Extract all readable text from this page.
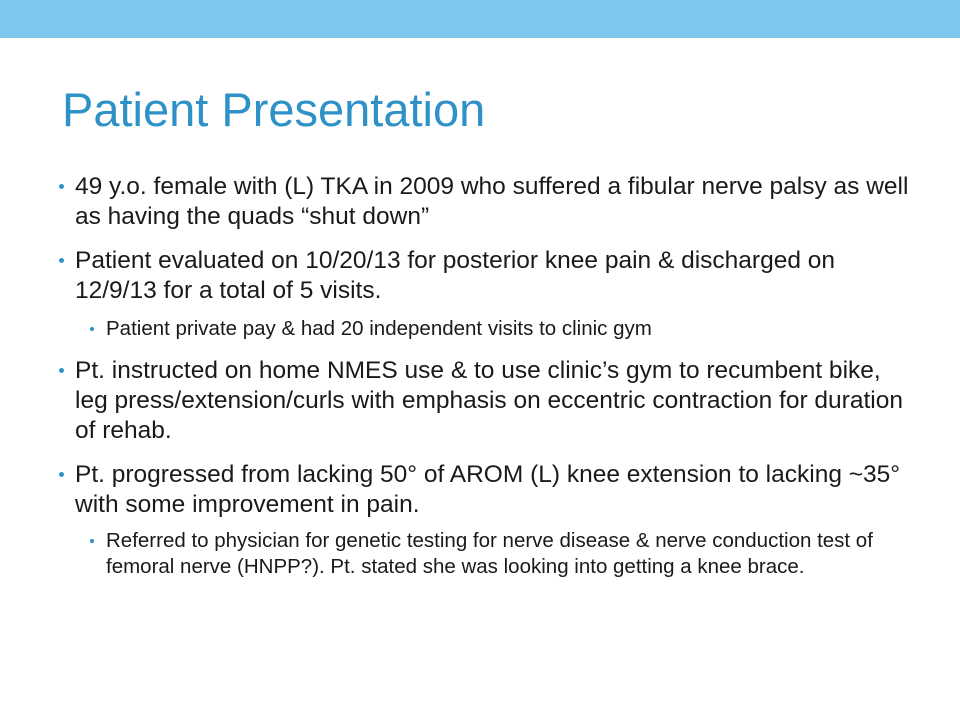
Patient Presentation
49 y.o. female with (L) TKA in 2009 who suffered a fibular nerve palsy as well as having the quads “shut down”
Patient evaluated on 10/20/13 for posterior knee pain & discharged on 12/9/13 for a total of 5 visits.
Patient private pay & had 20 independent visits to clinic gym
Pt. instructed on home NMES use & to use clinic’s gym to recumbent bike, leg press/extension/curls with emphasis on eccentric contraction for duration of rehab.
Pt. progressed from lacking 50° of AROM (L) knee extension to lacking ~35° with some improvement in pain.
Referred to physician for genetic testing for nerve disease & nerve conduction test of femoral nerve (HNPP?). Pt. stated she was looking into getting a knee brace.
